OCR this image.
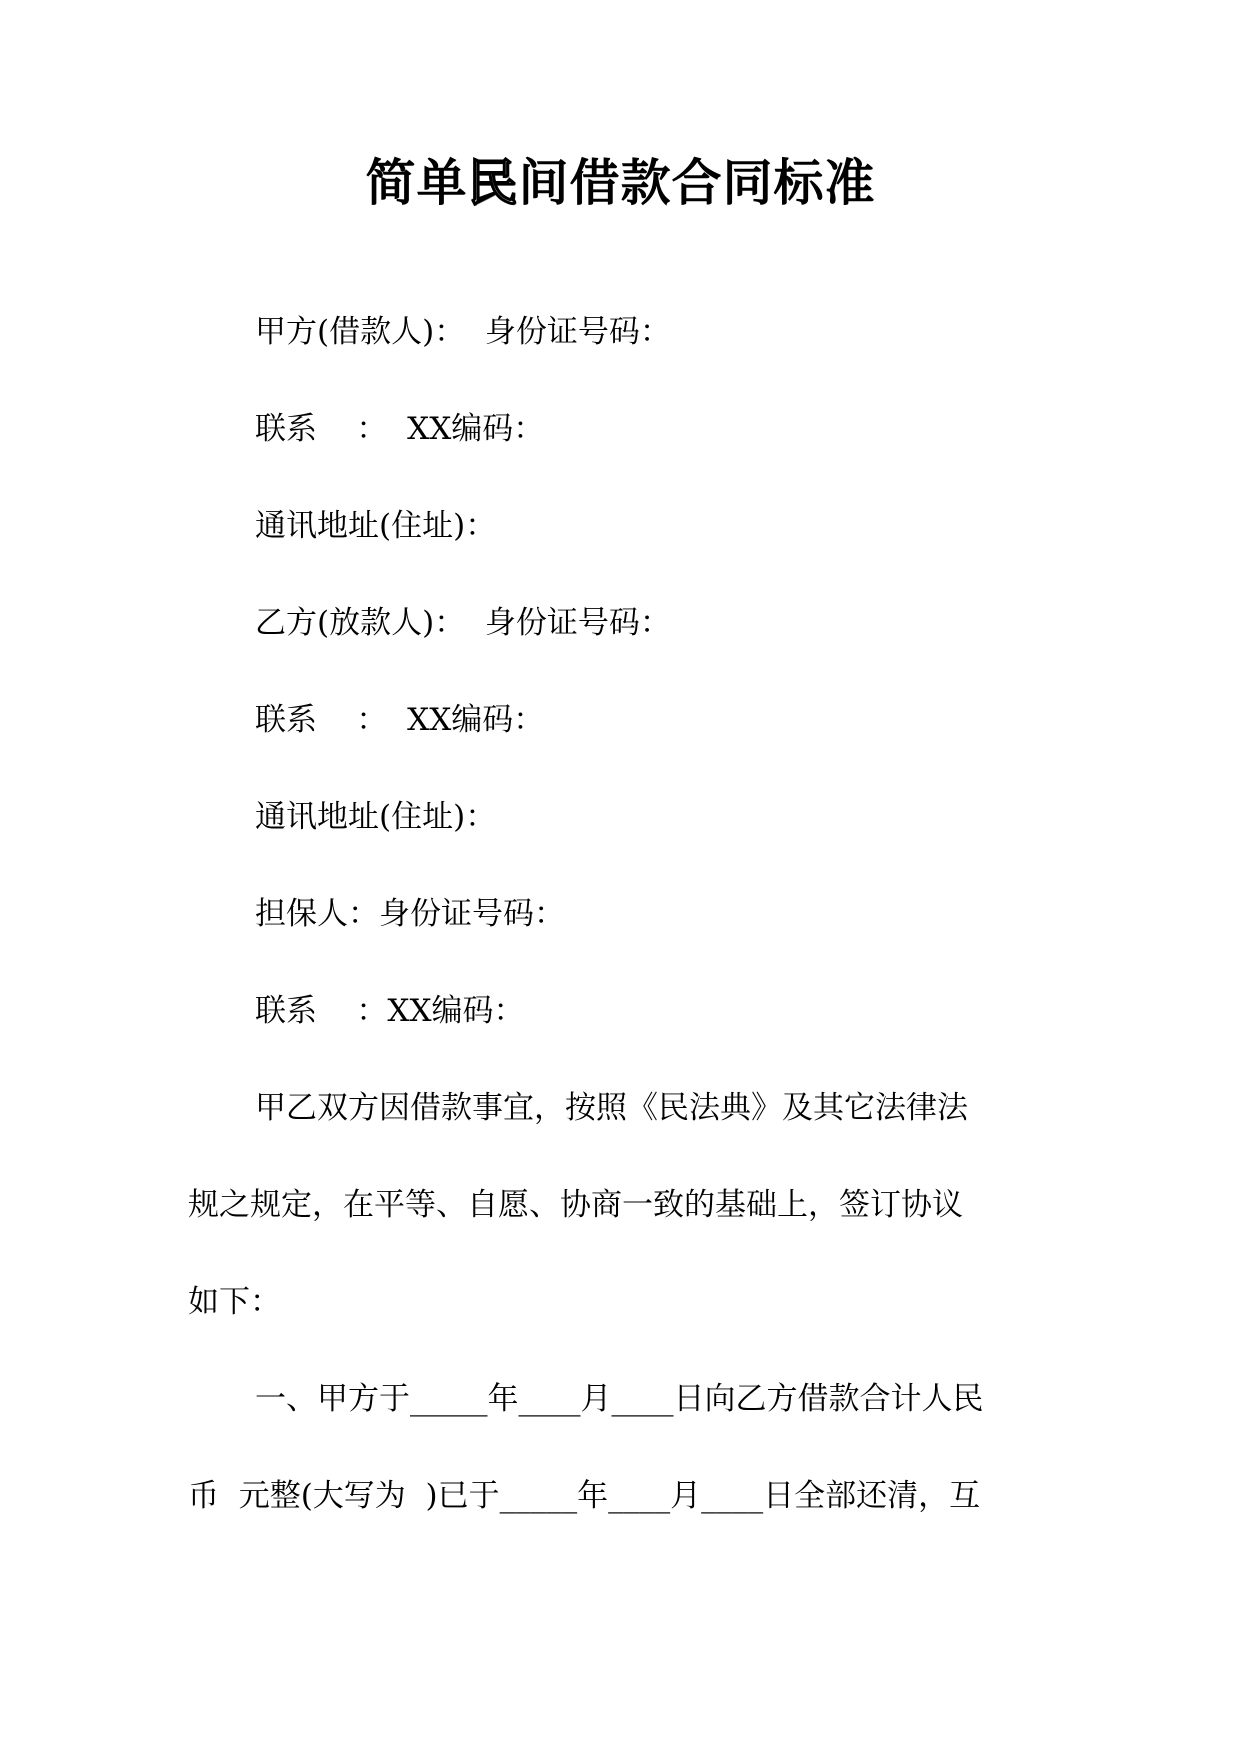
简单民间借款合同标准
甲方(借款人)：  身份证号码：
联系    ：  XX编码：
通讯地址(住址)：
乙方(放款人)：  身份证号码：
联系    ：  XX编码：
通讯地址(住址)：
担保人：身份证号码：
联系    ：XX编码：
甲乙双方因借款事宜，按照《民法典》及其它法律法
规之规定，在平等、自愿、协商一致的基础上，签订协议
如下：
一、甲方于_____年____月____日向乙方借款合计人民
币  元整(大写为  )已于_____年____月____日全部还清，互
